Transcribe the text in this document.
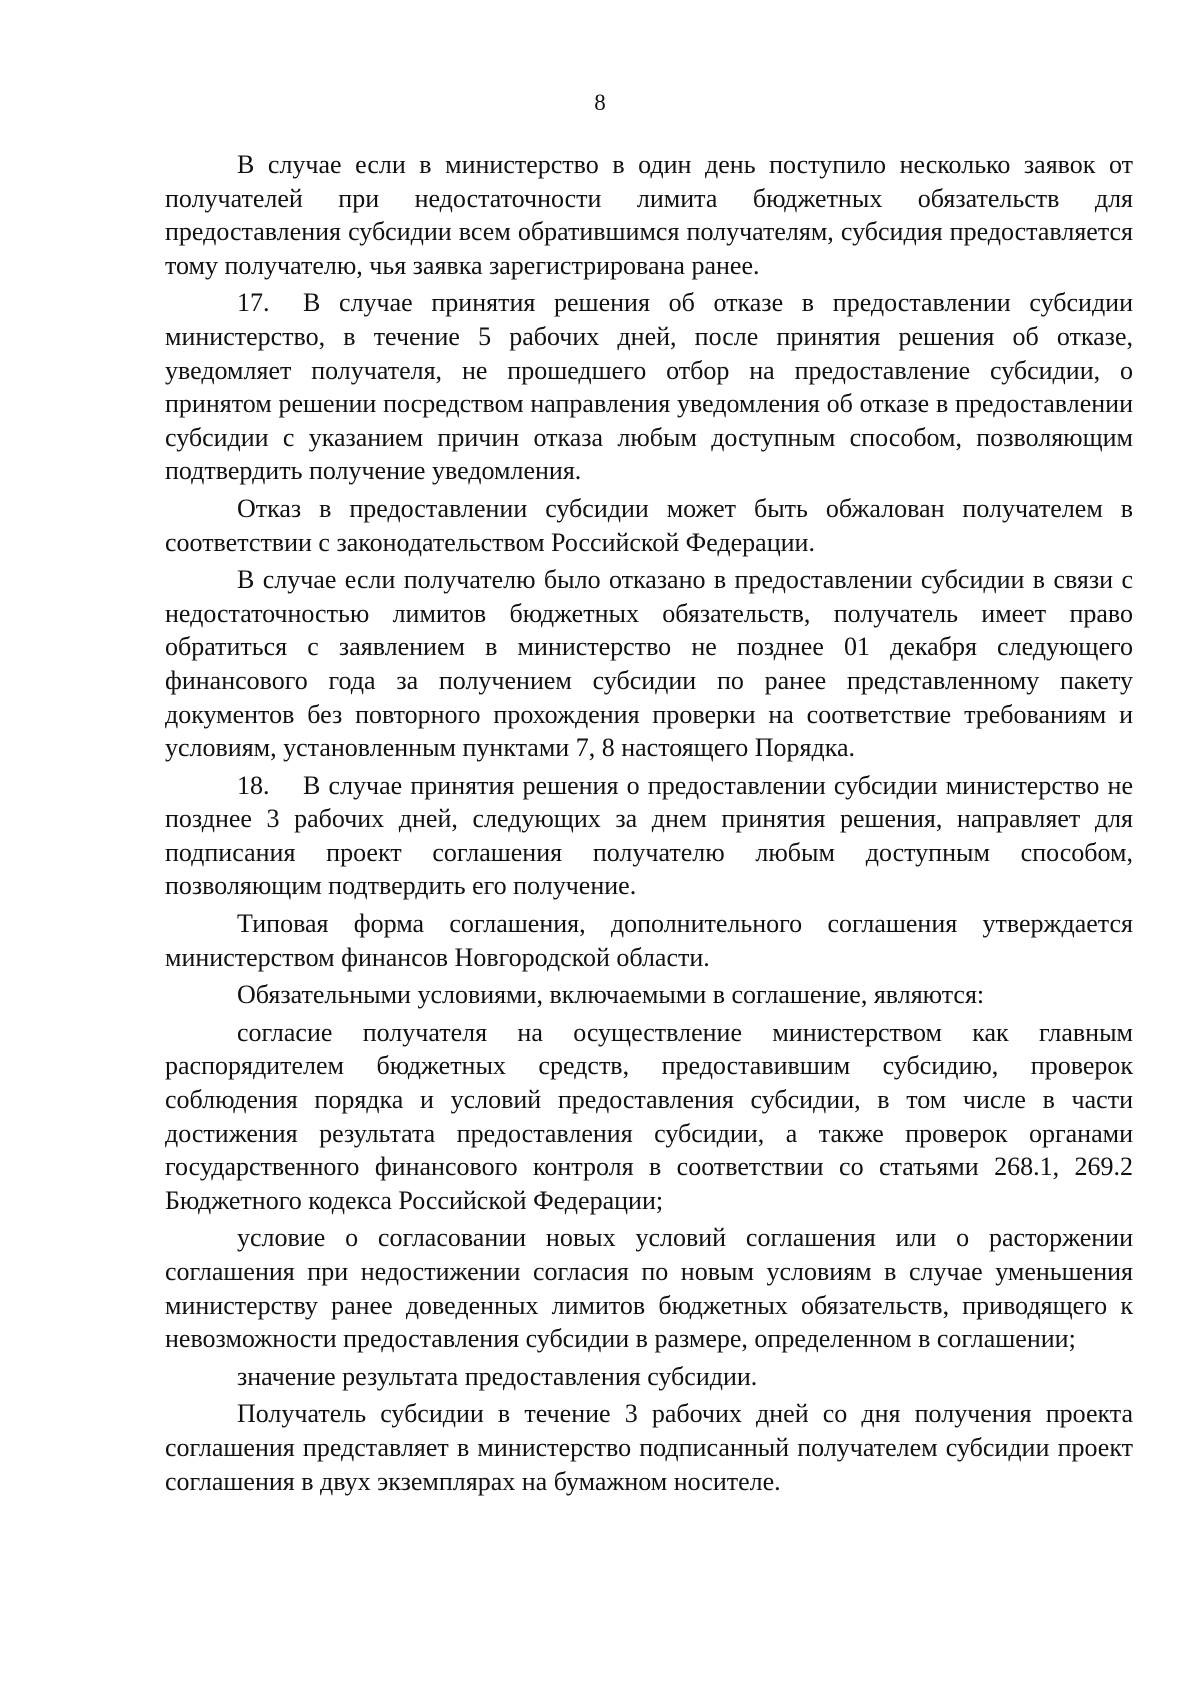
8

В случае если в министерство в один день поступило несколько заявок от получателей при недостаточности лимита бюджетных обязательств для предоставления субсидии всем обратившимся получателям, субсидия предоставляется тому получателю, чья заявка зарегистрирована ранее.

17. В случае принятия решения об отказе в предоставлении субсидии министерство, в течение 5 рабочих дней, после принятия решения об отказе, уведомляет получателя, не прошедшего отбор на предоставление субсидии, о принятом решении посредством направления уведомления об отказе в предоставлении субсидии с указанием причин отказа любым доступным способом, позволяющим подтвердить получение уведомления.

Отказ в предоставлении субсидии может быть обжалован получателем в соответствии с законодательством Российской Федерации.

В случае если получателю было отказано в предоставлении субсидии в связи с недостаточностью лимитов бюджетных обязательств, получатель имеет право обратиться с заявлением в министерство не позднее 01 декабря следующего финансового года за получением субсидии по ранее представленному пакету документов без повторного прохождения проверки на соответствие требованиям и условиям, установленным пунктами 7, 8 настоящего Порядка.

18. В случае принятия решения о предоставлении субсидии министерство не позднее 3 рабочих дней, следующих за днем принятия решения, направляет для подписания проект соглашения получателю любым доступным способом, позволяющим подтвердить его получение.

Типовая форма соглашения, дополнительного соглашения утверждается министерством финансов Новгородской области.

Обязательными условиями, включаемыми в соглашение, являются:

согласие получателя на осуществление министерством как главным распорядителем бюджетных средств, предоставившим субсидию, проверок соблюдения порядка и условий предоставления субсидии, в том числе в части достижения результата предоставления субсидии, а также проверок органами государственного финансового контроля в соответствии со статьями 268.1, 269.2 Бюджетного кодекса Российской Федерации;

условие о согласовании новых условий соглашения или о расторжении соглашения при недостижении согласия по новым условиям в случае уменьшения министерству ранее доведенных лимитов бюджетных обязательств, приводящего к невозможности предоставления субсидии в размере, определенном в соглашении;

значение результата предоставления субсидии.

Получатель субсидии в течение 3 рабочих дней со дня получения проекта соглашения представляет в министерство подписанный получателем субсидии проект соглашения в двух экземплярах на бумажном носителе.
